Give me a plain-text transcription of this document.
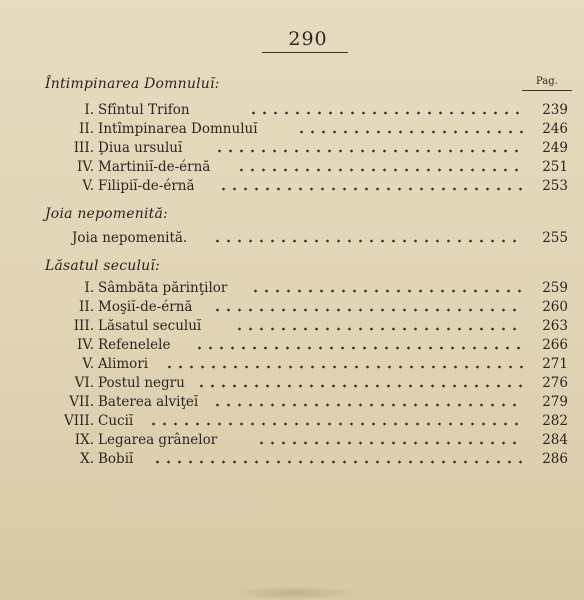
290
Pag.
Întimpinarea Domnuluĭ:
I. Sfîntul Trifon	239
II. Intîmpinarea Domnuluĭ	246
III. Ḑiua ursuluĭ	249
IV. Martiniĭ-de-érnă	251
V. Filipiĭ-de-érnă	253
Joia nepomenită:
Joia nepomenită.	255
Lăsatul seculuĭ:
I. Sâmbăta părinţilor	259
II. Moşiĭ-de-érnă	260
III. Lăsatul seculuĭ	263
IV. Refenelele	266
V. Alimori	271
VI. Postul negru	276
VII. Baterea alviţeĭ	279
VIII. Cuciĭ	282
IX. Legarea grânelor	284
X. Bobiĭ	286
